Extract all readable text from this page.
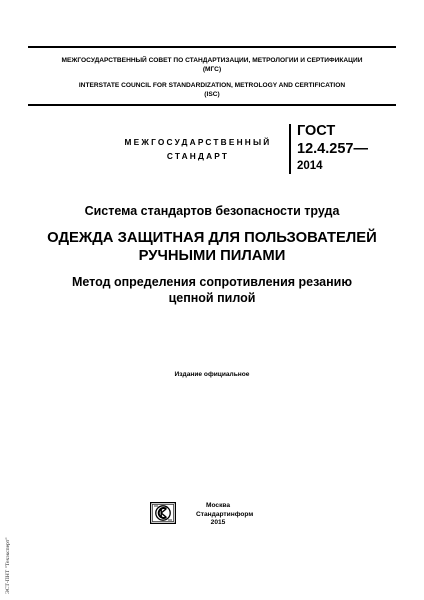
МЕЖГОСУДАРСТВЕННЫЙ СОВЕТ ПО СТАНДАРТИЗАЦИИ, МЕТРОЛОГИИ И СЕРТИФИКАЦИИ
(МГС)
INTERSTATE COUNCIL FOR STANDARDIZATION, METROLOGY AND CERTIFICATION
(ISC)
МЕЖГОСУДАРСТВЕННЫЙ
СТАНДАРТ
ГОСТ
12.4.257—
2014
Система стандартов безопасности труда
ОДЕЖДА ЗАЩИТНАЯ ДЛЯ ПОЛЬЗОВАТЕЛЕЙ
РУЧНЫМИ ПИЛАМИ
Метод определения сопротивления резанию
цепной пилой
Издание официальное
Москва
Стандартинформ
2015
ЭСТ-ПНТ "Техэксперт"
